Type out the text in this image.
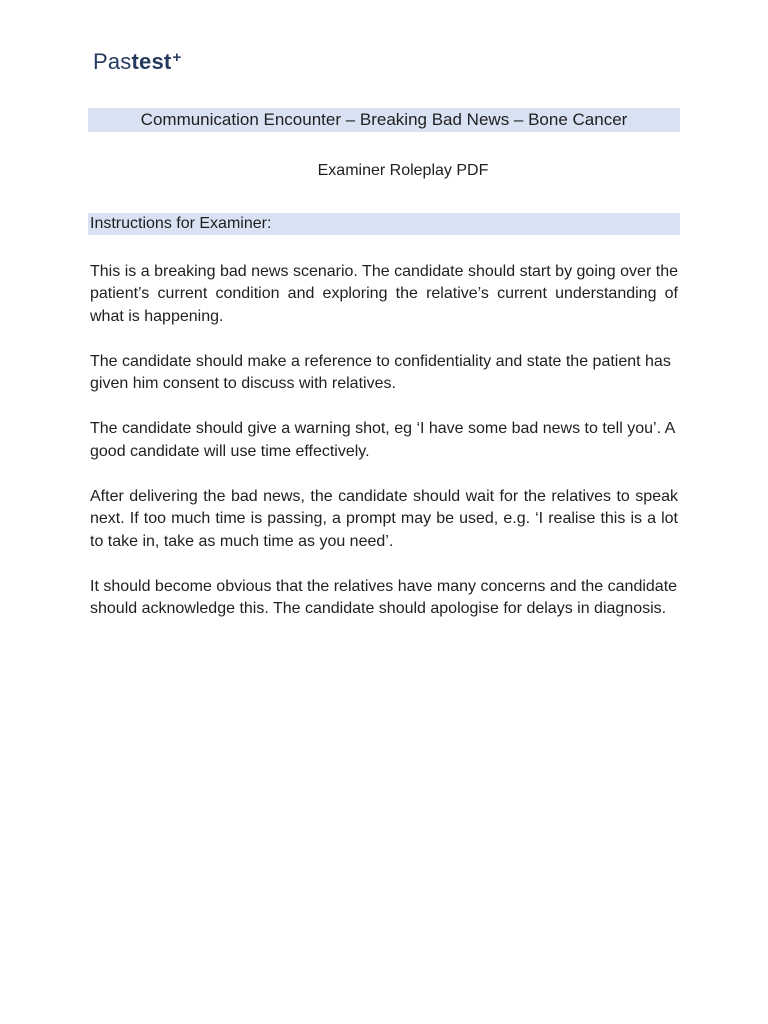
Pastest+
Communication Encounter – Breaking Bad News – Bone Cancer
Examiner Roleplay PDF
Instructions for Examiner:

This is a breaking bad news scenario. The candidate should start by going over the patient’s current condition and exploring the relative’s current understanding of what is happening.

The candidate should make a reference to confidentiality and state the patient has given him consent to discuss with relatives.

The candidate should give a warning shot, eg ‘I have some bad news to tell you’. A good candidate will use time effectively.

After delivering the bad news, the candidate should wait for the relatives to speak next. If too much time is passing, a prompt may be used, e.g. ‘I realise this is a lot to take in, take as much time as you need’.

It should become obvious that the relatives have many concerns and the candidate should acknowledge this. The candidate should apologise for delays in diagnosis.
